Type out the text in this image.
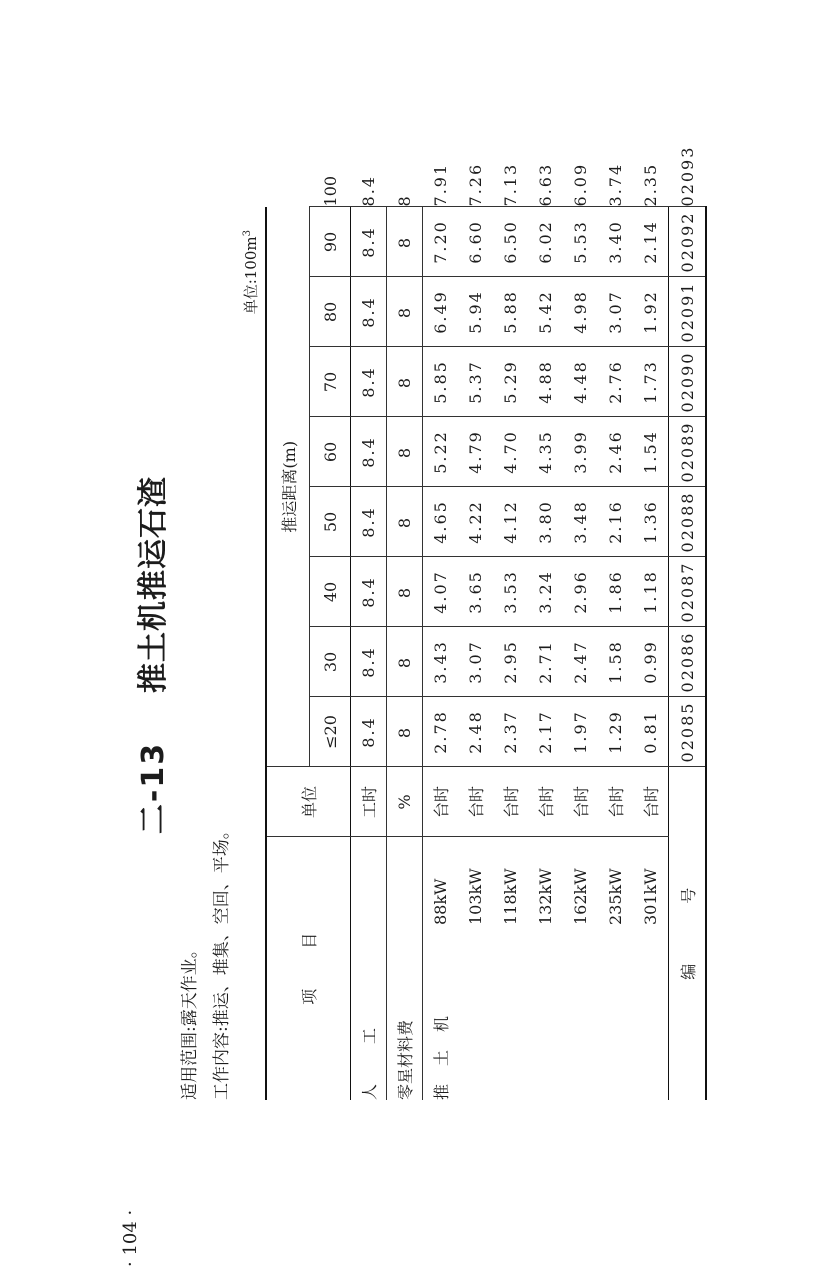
· 104 ·
二-13  推土机推运石渣
适用范围:露天作业。 工作内容:推运、堆集、空回、平场。
单位$:100m^3$
项目		单位	推运距离(m)								
			≤20	30	40	50	60	70	80	90	100
人工		工时	8.4	8.4	8.4	8.4	8.4	8.4	8.4	8.4	8.4
零星材料费		%	8	8	8	8	8	8	8	8	8
推土机	88kW	台时	2.78	3.43	4.07	4.65	5.22	5.85	6.49	7.20	7.91
	103kW	台时	2.48	3.07	3.65	4.22	4.79	5.37	5.94	6.60	7.26
	118kW	台时	2.37	2.95	3.53	4.12	4.70	5.29	5.88	6.50	7.13
	132kW	台时	2.17	2.71	3.24	3.80	4.35	4.88	5.42	6.02	6.63
	162kW	台时	1.97	2.47	2.96	3.48	3.99	4.48	4.98	5.53	6.09
	235kW	台时	1.29	1.58	1.86	2.16	2.46	2.76	3.07	3.40	3.74
	301kW	台时	0.81	0.99	1.18	1.36	1.54	1.73	1.92	2.14	2.35
编号			02085	02086	02087	02088	02089	02090	02091	02092	02093
